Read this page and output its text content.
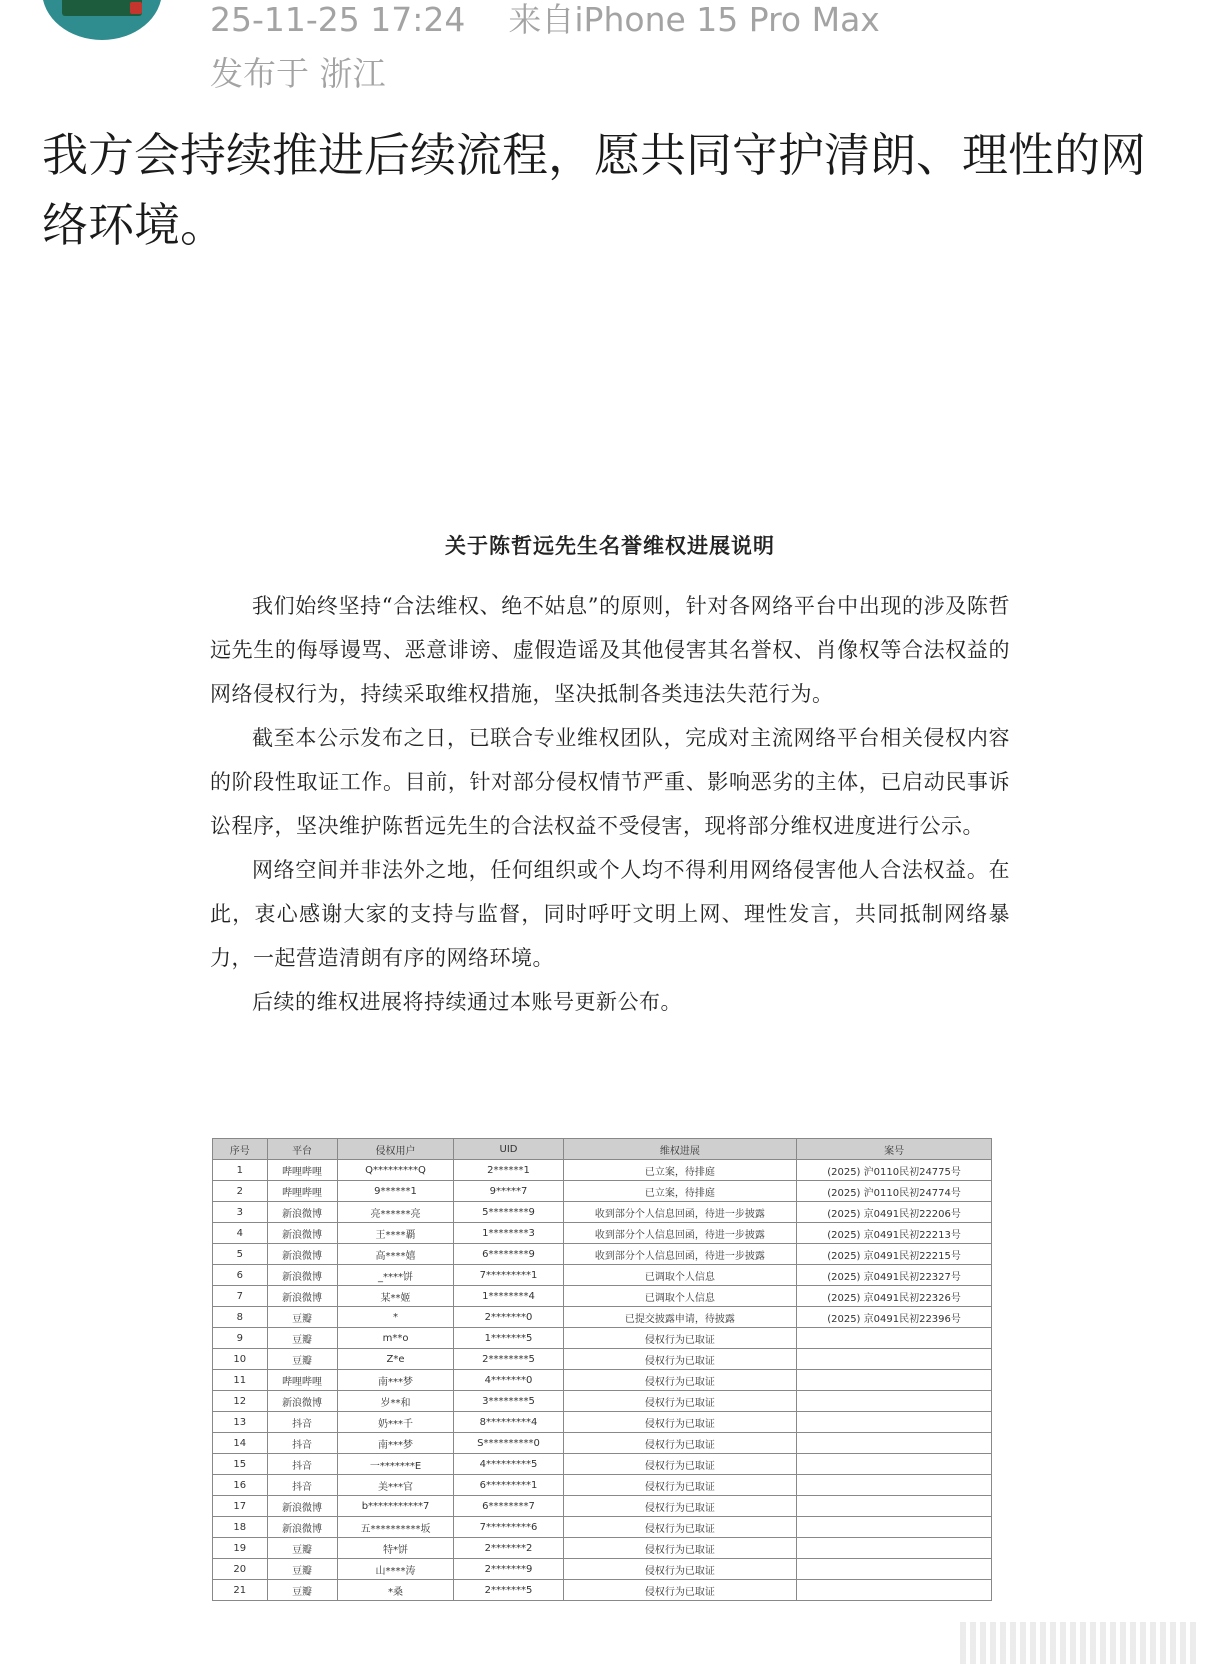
25-11-25 17:24 来自iPhone 15 Pro Max
发布于 浙江

我方会持续推进后续流程，愿共同守护清朗、理性的网络环境。

关于陈哲远先生名誉维权进展说明

我们始终坚持“合法维权、绝不姑息”的原则，针对各网络平台中出现的涉及陈哲远先生的侮辱谩骂、恶意诽谤、虚假造谣及其他侵害其名誉权、肖像权等合法权益的网络侵权行为，持续采取维权措施，坚决抵制各类违法失范行为。

截至本公示发布之日，已联合专业维权团队，完成对主流网络平台相关侵权内容的阶段性取证工作。目前，针对部分侵权情节严重、影响恶劣的主体，已启动民事诉讼程序，坚决维护陈哲远先生的合法权益不受侵害，现将部分维权进度进行公示。

网络空间并非法外之地，任何组织或个人均不得利用网络侵害他人合法权益。在此，衷心感谢大家的支持与监督，同时呼吁文明上网、理性发言，共同抵制网络暴力，一起营造清朗有序的网络环境。

后续的维权进展将持续通过本账号更新公布。

序号	平台	侵权用户	UID	维权进展	案号
1	哔哩哔哩	Q*********Q	2******1	已立案，待排庭	(2025) 沪0110民初24775号
2	哔哩哔哩	9******1	9*****7	已立案，待排庭	(2025) 沪0110民初24774号
3	新浪微博	亮******亮	5********9	收到部分个人信息回函，待进一步披露	(2025) 京0491民初22206号
4	新浪微博	王****覇	1********3	收到部分个人信息回函，待进一步披露	(2025) 京0491民初22213号
5	新浪微博	高****嬉	6********9	收到部分个人信息回函，待进一步披露	(2025) 京0491民初22215号
6	新浪微博	_****饼	7*********1	已调取个人信息	(2025) 京0491民初22327号
7	新浪微博	某**姬	1********4	已调取个人信息	(2025) 京0491民初22326号
8	豆瓣	*	2*******0	已提交披露申请，待披露	(2025) 京0491民初22396号
9	豆瓣	m**o	1*******5	侵权行为已取证	
10	豆瓣	Z*e	2********5	侵权行为已取证	
11	哔哩哔哩	南***梦	4*******0	侵权行为已取证	
12	新浪微博	岁**和	3********5	侵权行为已取证	
13	抖音	奶***千	8*********4	侵权行为已取证	
14	抖音	南***梦	S**********0	侵权行为已取证	
15	抖音	一*******E	4*********5	侵权行为已取证	
16	抖音	美***官	6*********1	侵权行为已取证	
17	新浪微博	b***********7	6********7	侵权行为已取证	
18	新浪微博	五**********坂	7*********6	侵权行为已取证	
19	豆瓣	特*饼	2*******2	侵权行为已取证	
20	豆瓣	山****涛	2*******9	侵权行为已取证	
21	豆瓣	*桑	2*******5	侵权行为已取证	
